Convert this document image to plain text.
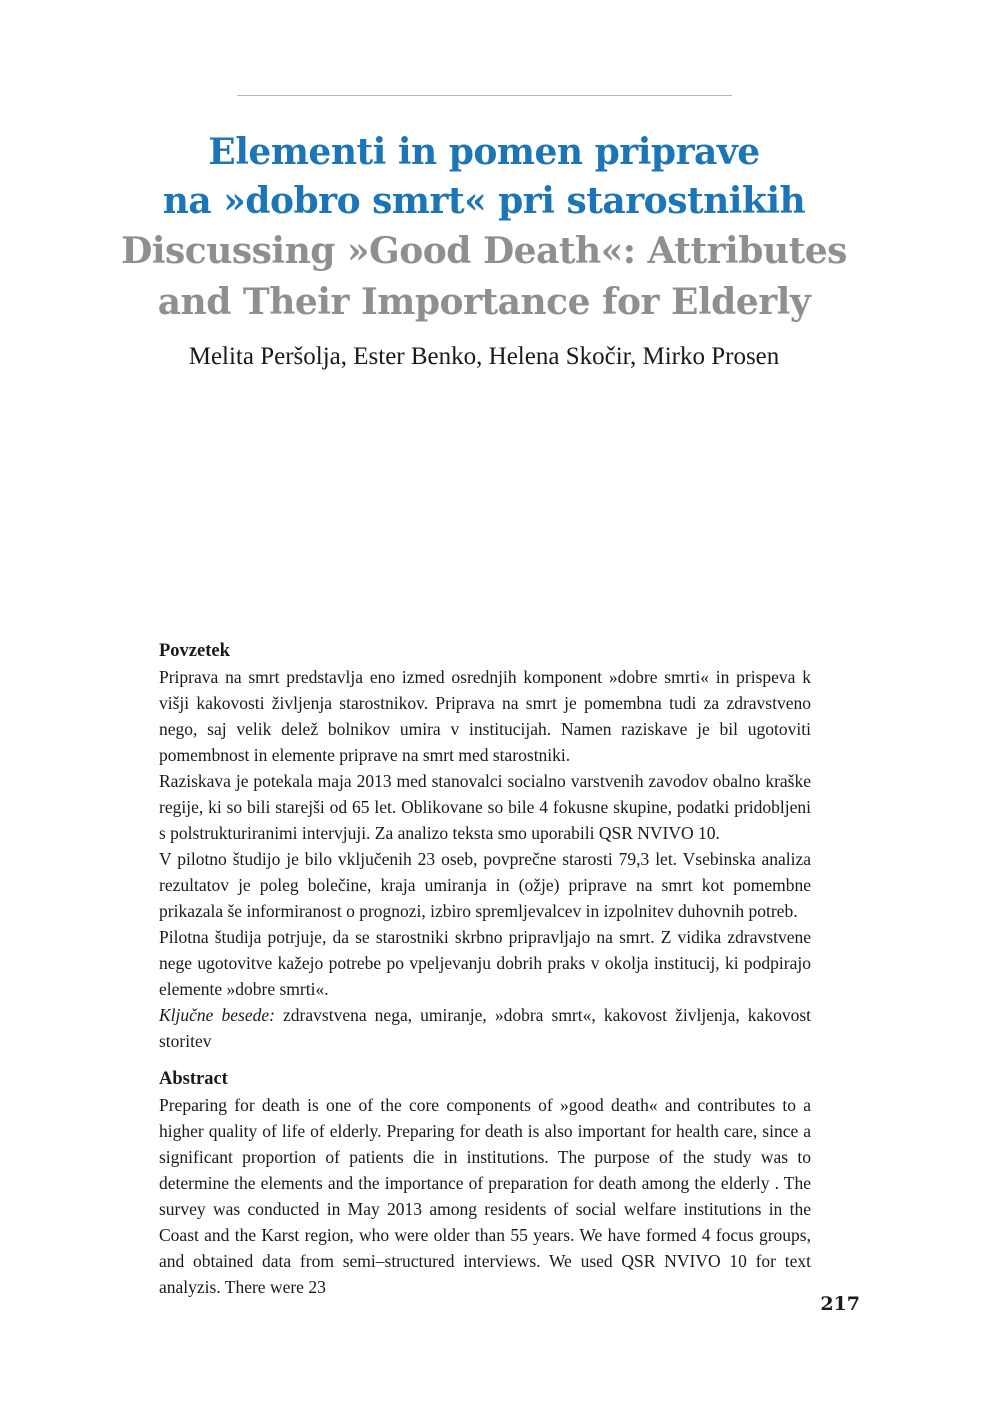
Elementi in pomen priprave
na »dobro smrt« pri starostnikih
Discussing »Good Death«: Attributes
and Their Importance for Elderly
Melita Peršolja, Ester Benko, Helena Skočir, Mirko Prosen
Povzetek

Priprava na smrt predstavlja eno izmed osrednjih komponent »dobre smrti« in prispeva k višji kakovosti življenja starostnikov. Priprava na smrt je pomembna tudi za zdravstveno nego, saj velik delež bolnikov umira v institucijah. Namen raziskave je bil ugotoviti pomembnost in elemente priprave na smrt med starostniki.

Raziskava je potekala maja 2013 med stanovalci socialno varstvenih zavodov obalno kraške regije, ki so bili starejši od 65 let. Oblikovane so bile 4 fokusne skupine, podatki pridobljeni s polstrukturiranimi intervjuji. Za analizo teksta smo uporabili QSR NVIVO 10.

V pilotno študijo je bilo vključenih 23 oseb, povprečne starosti 79,3 let. Vsebinska analiza rezultatov je poleg bolečine, kraja umiranja in (ožje) priprave na smrt kot pomembne prikazala še informiranost o prognozi, izbiro spremljevalcev in izpolnitev duhovnih potreb.

Pilotna študija potrjuje, da se starostniki skrbno pripravljajo na smrt. Z vidika zdravstvene nege ugotovitve kažejo potrebe po vpeljevanju dobrih praks v okolja institucij, ki podpirajo elemente »dobre smrti«.

Ključne besede: zdravstvena nega, umiranje, »dobra smrt«, kakovost življenja, kakovost storitev

Abstract

Preparing for death is one of the core components of »good death« and contributes to a higher quality of life of elderly. Preparing for death is also important for health care, since a significant proportion of patients die in institutions. The purpose of the study was to determine the elements and the importance of preparation for death among the elderly . The survey was conducted in May 2013 among residents of social welfare institutions in the Coast and the Karst region, who were older than 55 years. We have formed 4 focus groups, and obtained data from semi–structured interviews. We used QSR NVIVO 10 for text analyzis. There were 23

217
